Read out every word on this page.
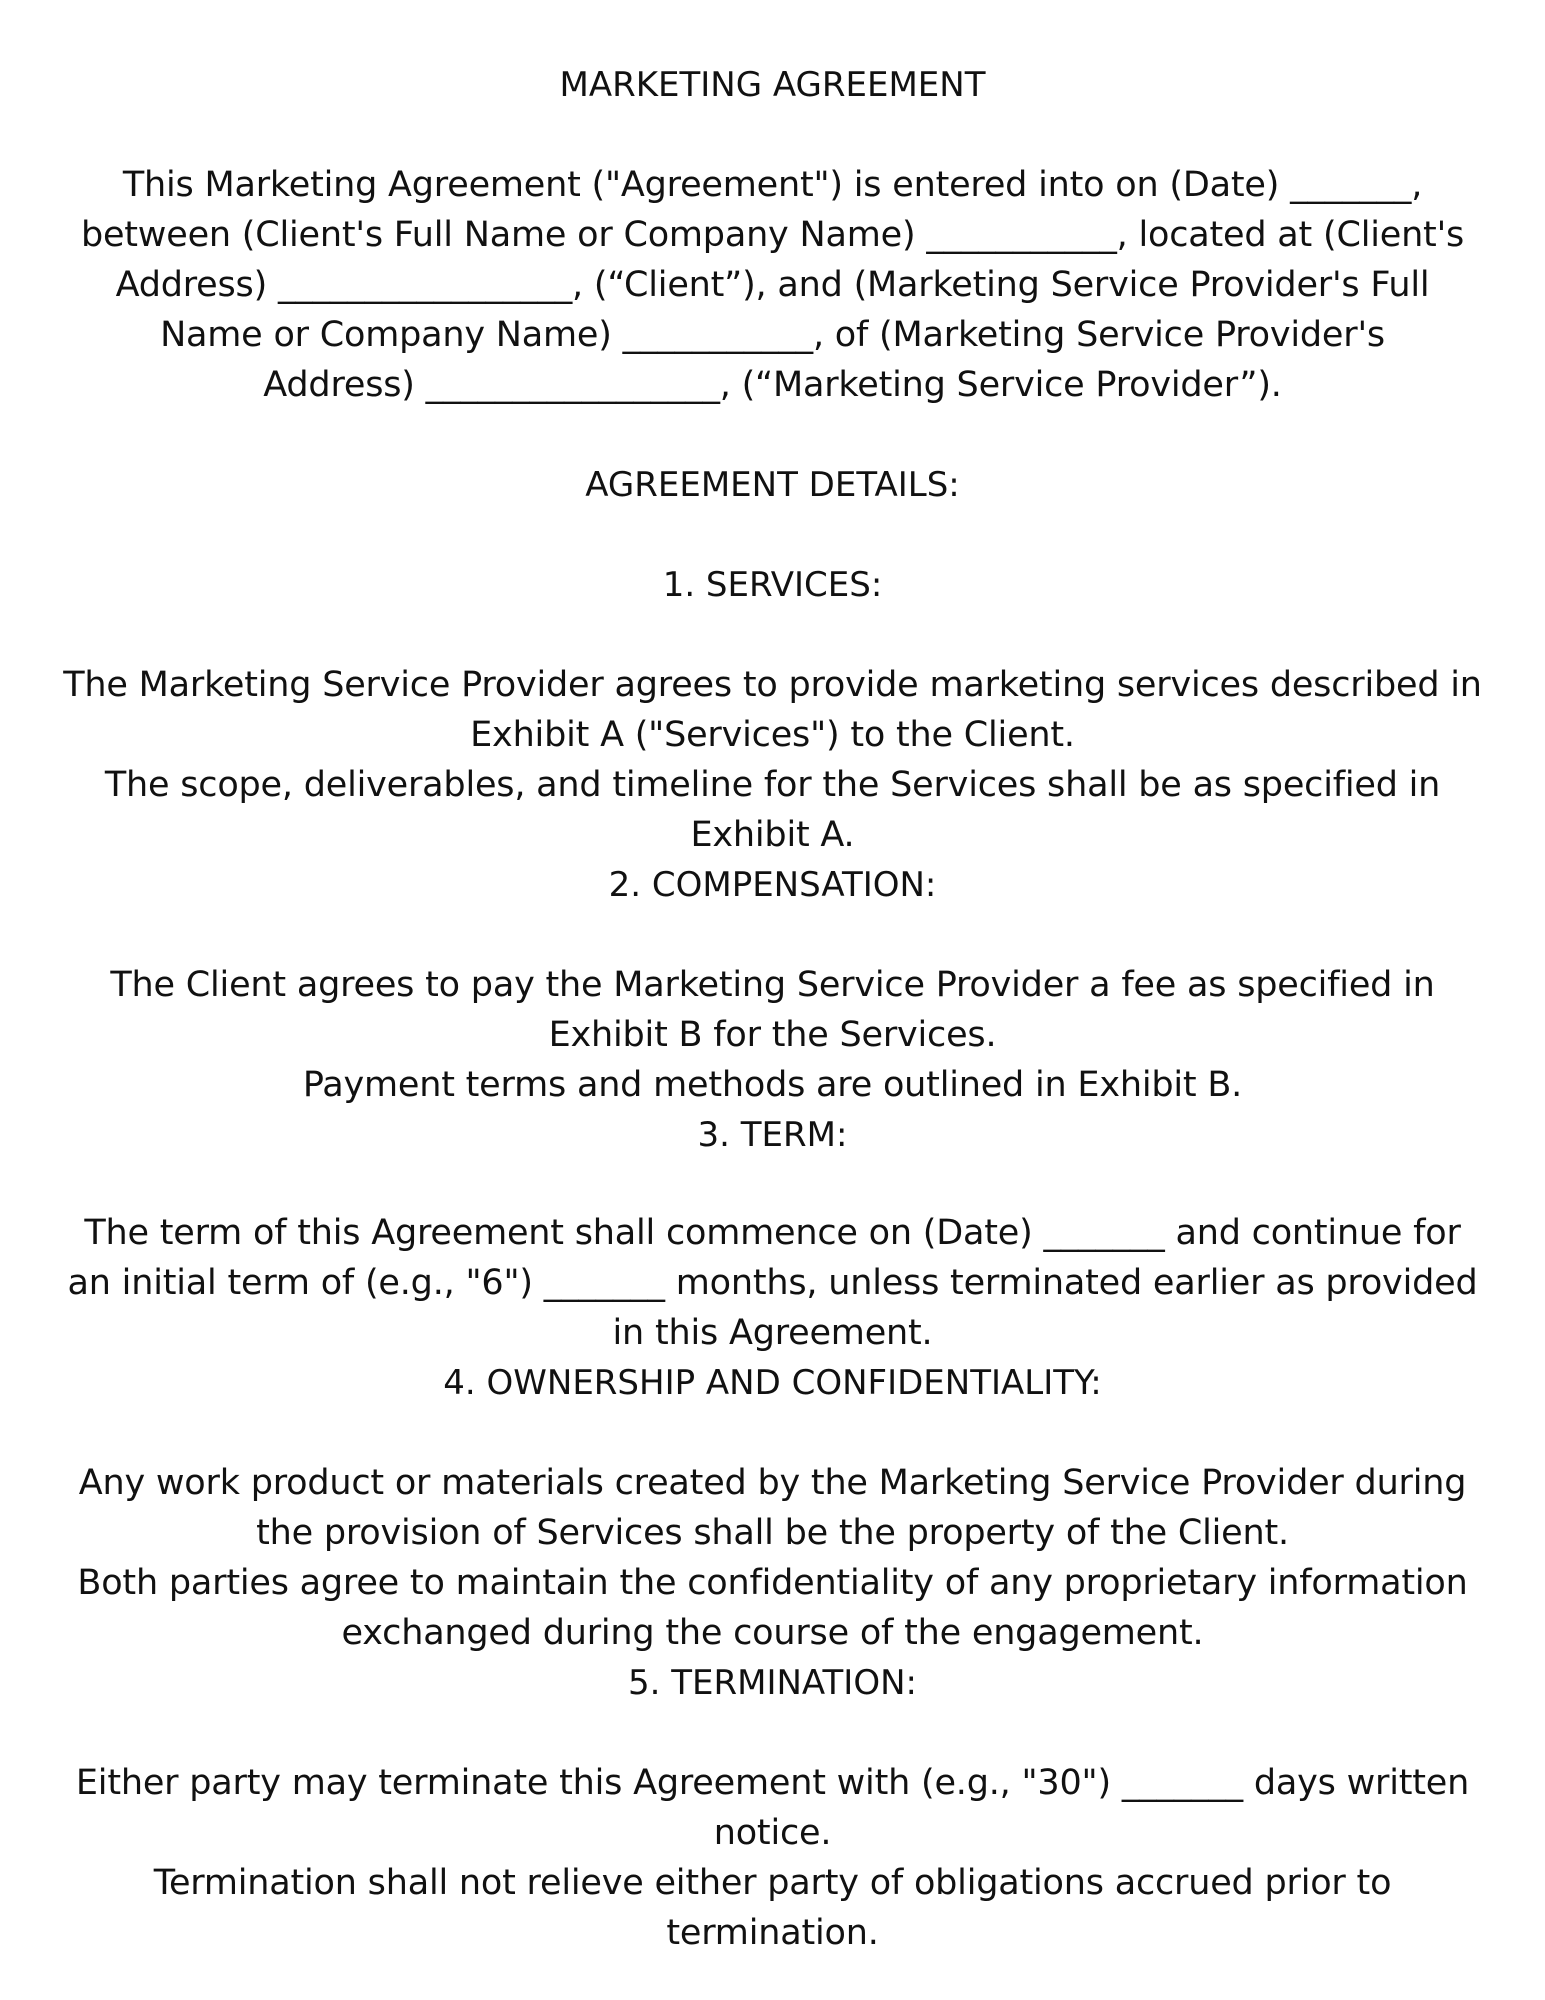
MARKETING AGREEMENT
This Marketing Agreement ("Agreement") is entered into on (Date) _______,
between (Client's Full Name or Company Name) ___________, located at (Client's
Address) _________________, (“Client”), and (Marketing Service Provider's Full
Name or Company Name) ___________, of (Marketing Service Provider's
Address) _________________, (“Marketing Service Provider”).
AGREEMENT DETAILS:
1. SERVICES:
The Marketing Service Provider agrees to provide marketing services described in
Exhibit A ("Services") to the Client.
The scope, deliverables, and timeline for the Services shall be as specified in
Exhibit A.
2. COMPENSATION:
The Client agrees to pay the Marketing Service Provider a fee as specified in
Exhibit B for the Services.
Payment terms and methods are outlined in Exhibit B.
3. TERM:
The term of this Agreement shall commence on (Date) _______ and continue for
an initial term of (e.g., "6") _______ months, unless terminated earlier as provided
in this Agreement.
4. OWNERSHIP AND CONFIDENTIALITY:
Any work product or materials created by the Marketing Service Provider during
the provision of Services shall be the property of the Client.
Both parties agree to maintain the confidentiality of any proprietary information
exchanged during the course of the engagement.
5. TERMINATION:
Either party may terminate this Agreement with (e.g., "30") _______ days written
notice.
Termination shall not relieve either party of obligations accrued prior to
termination.
